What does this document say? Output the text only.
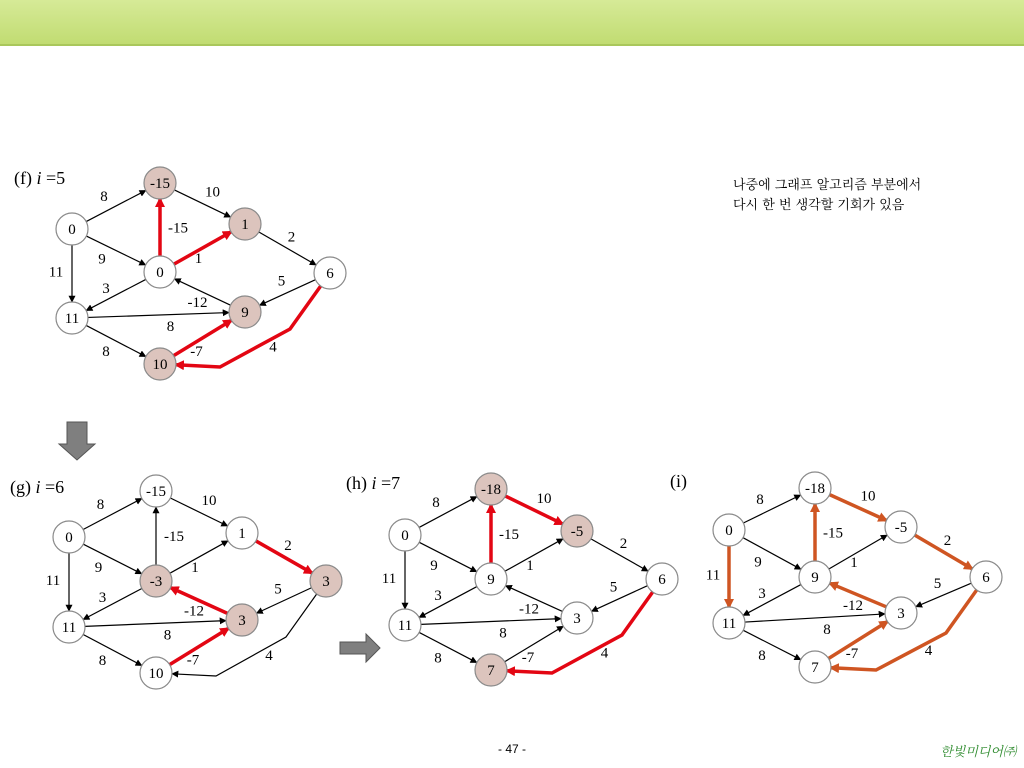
(f) i =5
8	10
9
11
-15
1
2
-12
5
3
8
8	-7	4
0
-15
1
0	6
11	9
10
(g) i =6
8	10
9
11
-15
1
2
-12
5
3
8
8	-7	4
0
-15
1
-3	3
11	3
10
(h) i =7
8	10
9
11
-15
1
2
-12
5
3
8
8	-7	4
0
-18
-5
9	6
11	3
7
(i)
8	10
9
11
-15
1
2
-12
5
3
8
8	-7	4
0
-18
-5
9	6
11
3
7
나중에 그래프 알고리즘 부분에서
다시 한 번 생각할 기회가 있음
- 47 -	한빛미디어㈜
